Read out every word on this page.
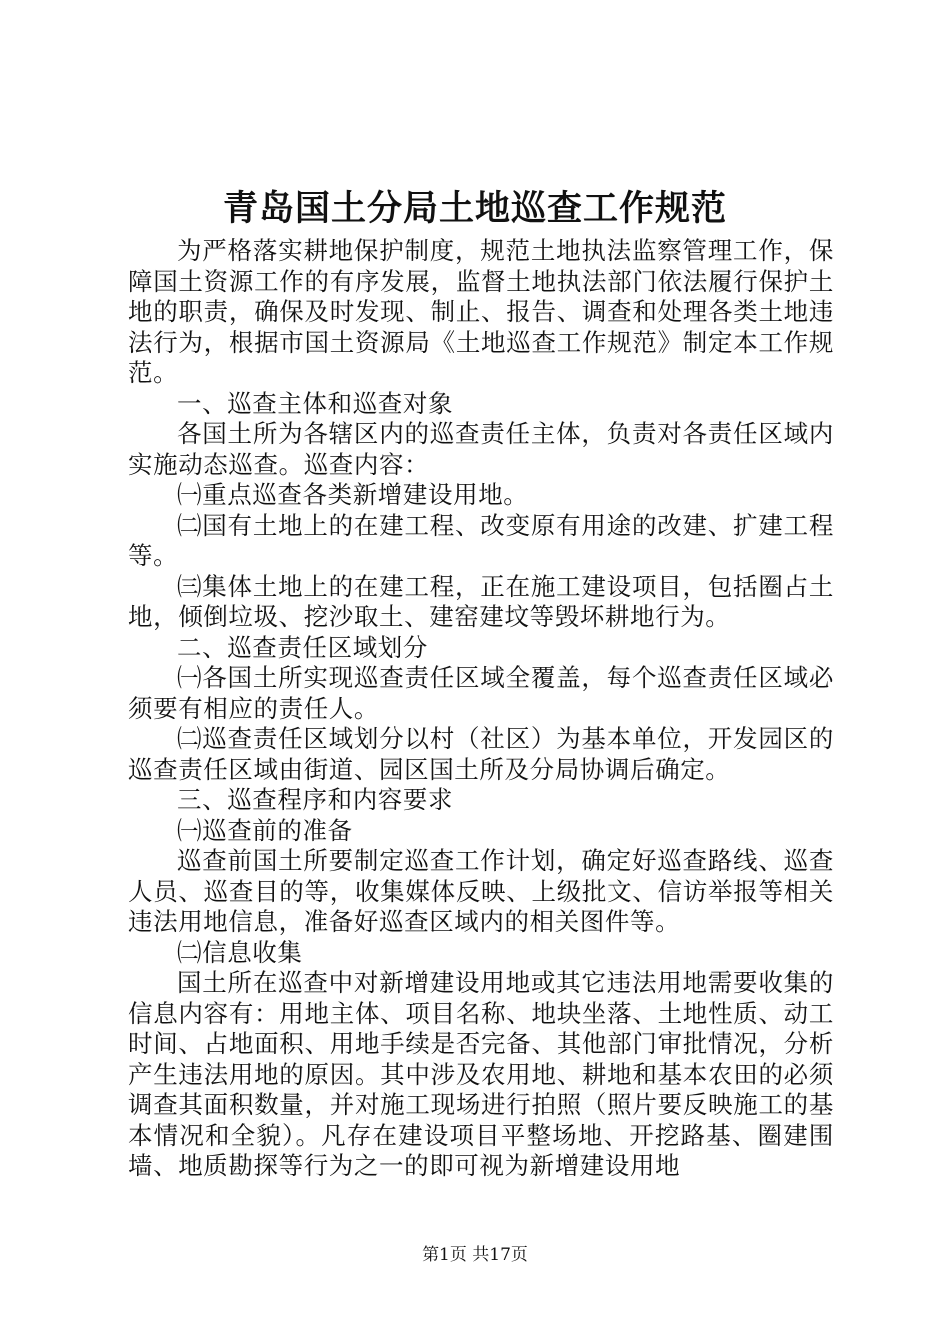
青岛国土分局土地巡查工作规范

为严格落实耕地保护制度，规范土地执法监察管理工作，保障国土资源工作的有序发展，监督土地执法部门依法履行保护土地的职责，确保及时发现、制止、报告、调查和处理各类土地违法行为，根据市国土资源局《土地巡查工作规范》制定本工作规范。

一、巡查主体和巡查对象

各国土所为各辖区内的巡查责任主体，负责对各责任区域内实施动态巡查。巡查内容：

㈠重点巡查各类新增建设用地。

㈡国有土地上的在建工程、改变原有用途的改建、扩建工程等。

㈢集体土地上的在建工程，正在施工建设项目，包括圈占土地，倾倒垃圾、挖沙取土、建窑建坟等毁坏耕地行为。

二、巡查责任区域划分

㈠各国土所实现巡查责任区域全覆盖，每个巡查责任区域必须要有相应的责任人。

㈡巡查责任区域划分以村（社区）为基本单位，开发园区的巡查责任区域由街道、园区国土所及分局协调后确定。

三、巡查程序和内容要求

㈠巡查前的准备

巡查前国土所要制定巡查工作计划，确定好巡查路线、巡查人员、巡查目的等，收集媒体反映、上级批文、信访举报等相关违法用地信息，准备好巡查区域内的相关图件等。

㈡信息收集

国土所在巡查中对新增建设用地或其它违法用地需要收集的信息内容有：用地主体、项目名称、地块坐落、土地性质、动工时间、占地面积、用地手续是否完备、其他部门审批情况，分析产生违法用地的原因。其中涉及农用地、耕地和基本农田的必须调查其面积数量，并对施工现场进行拍照（照片要反映施工的基本情况和全貌）。凡存在建设项目平整场地、开挖路基、圈建围墙、地质勘探等行为之一的即可视为新增建设用地

第1页 共17页
